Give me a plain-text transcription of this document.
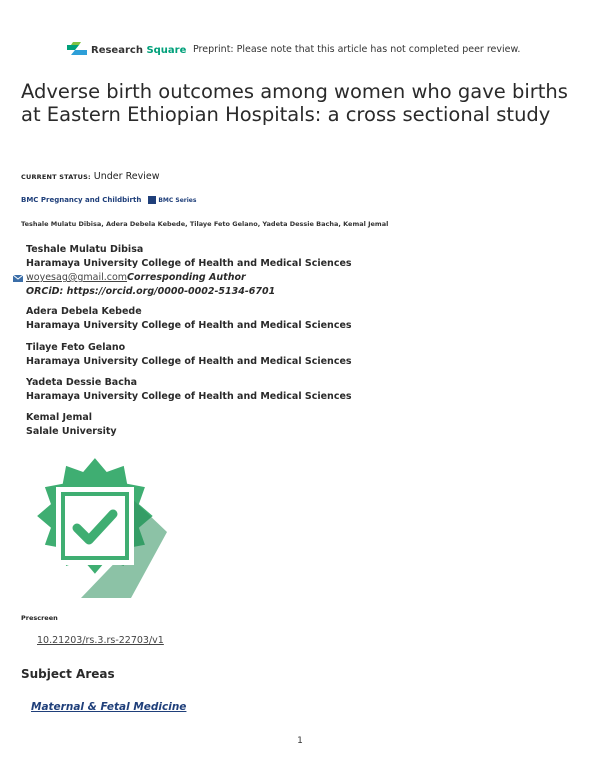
Research Square Preprint: Please note that this article has not completed peer review.
Adverse birth outcomes among women who gave births at Eastern Ethiopian Hospitals: a cross sectional study
CURRENT STATUS: Under Review
BMC Pregnancy and Childbirth	BMC Series
Teshale Mulatu Dibisa, Adera Debela Kebede, Tilaye Feto Gelano, Yadeta Dessie Bacha, Kemal Jemal
Teshale Mulatu Dibisa
Haramaya University College of Health and Medical Sciences
woyesag@gmail.com Corresponding Author
ORCiD: https://orcid.org/0000-0002-5134-6701
Adera Debela Kebede
Haramaya University College of Health and Medical Sciences
Tilaye Feto Gelano
Haramaya University College of Health and Medical Sciences
Yadeta Dessie Bacha
Haramaya University College of Health and Medical Sciences
Kemal Jemal
Salale University
Prescreen
10.21203/rs.3.rs-22703/v1
Subject Areas
Maternal & Fetal Medicine
1
